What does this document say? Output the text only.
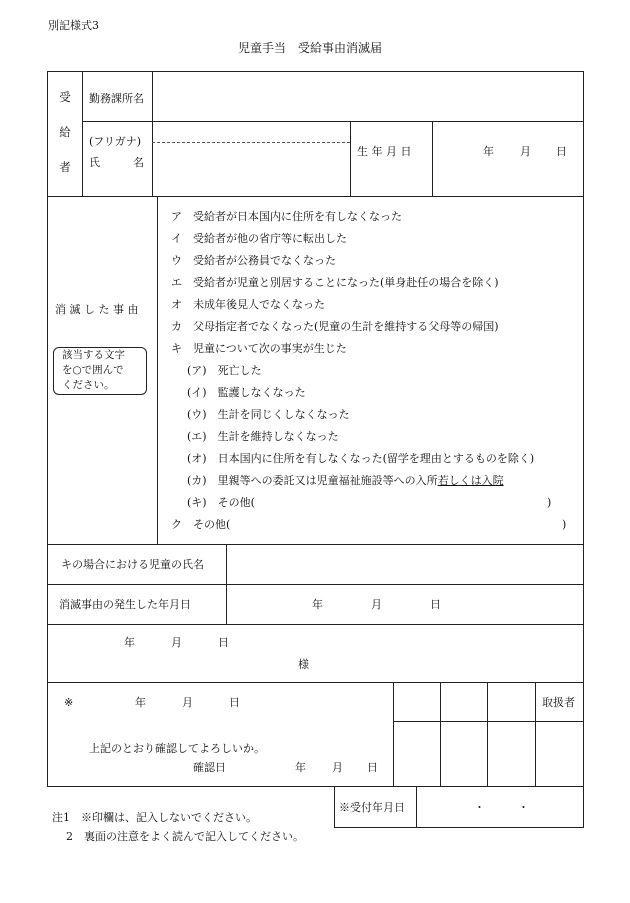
別記様式3
児童手当　受給事由消滅届
受
給
者
勤務課所名
(フリガナ)
氏　　　名
生 年 月 日	年 月 日
消 滅 し た 事 由
該当する文字
を○で囲んで
ください。
ア　受給者が日本国内に住所を有しなくなった
イ　受給者が他の省庁等に転出した
ウ　受給者が公務員でなくなった
エ　受給者が児童と別居することになった(単身赴任の場合を除く)
オ　未成年後見人でなくなった
カ　父母指定者でなくなった(児童の生計を維持する父母等の帰国)
キ　児童について次の事実が生じた
(ア)　死亡した
(イ)　監護しなくなった
(ウ)　生計を同じくしなくなった
(エ)　生計を維持しなくなった
(オ)　日本国内に住所を有しなくなった(留学を理由とするものを除く)
(カ)　里親等への委託又は児童福祉施設等への入所若しくは入院
(キ)　その他(	)
ク　その他(	)
キの場合における児童の氏名
消滅事由の発生した年月日	年	月	日
年	月	日
様
※	年	月	日
上記のとおり確認してよろしいか。
確認日	年 月 日
取扱者
※受付年月日	・　　　・
注1　※印欄は、記入しないでください。
2　裏面の注意をよく読んで記入してください。
